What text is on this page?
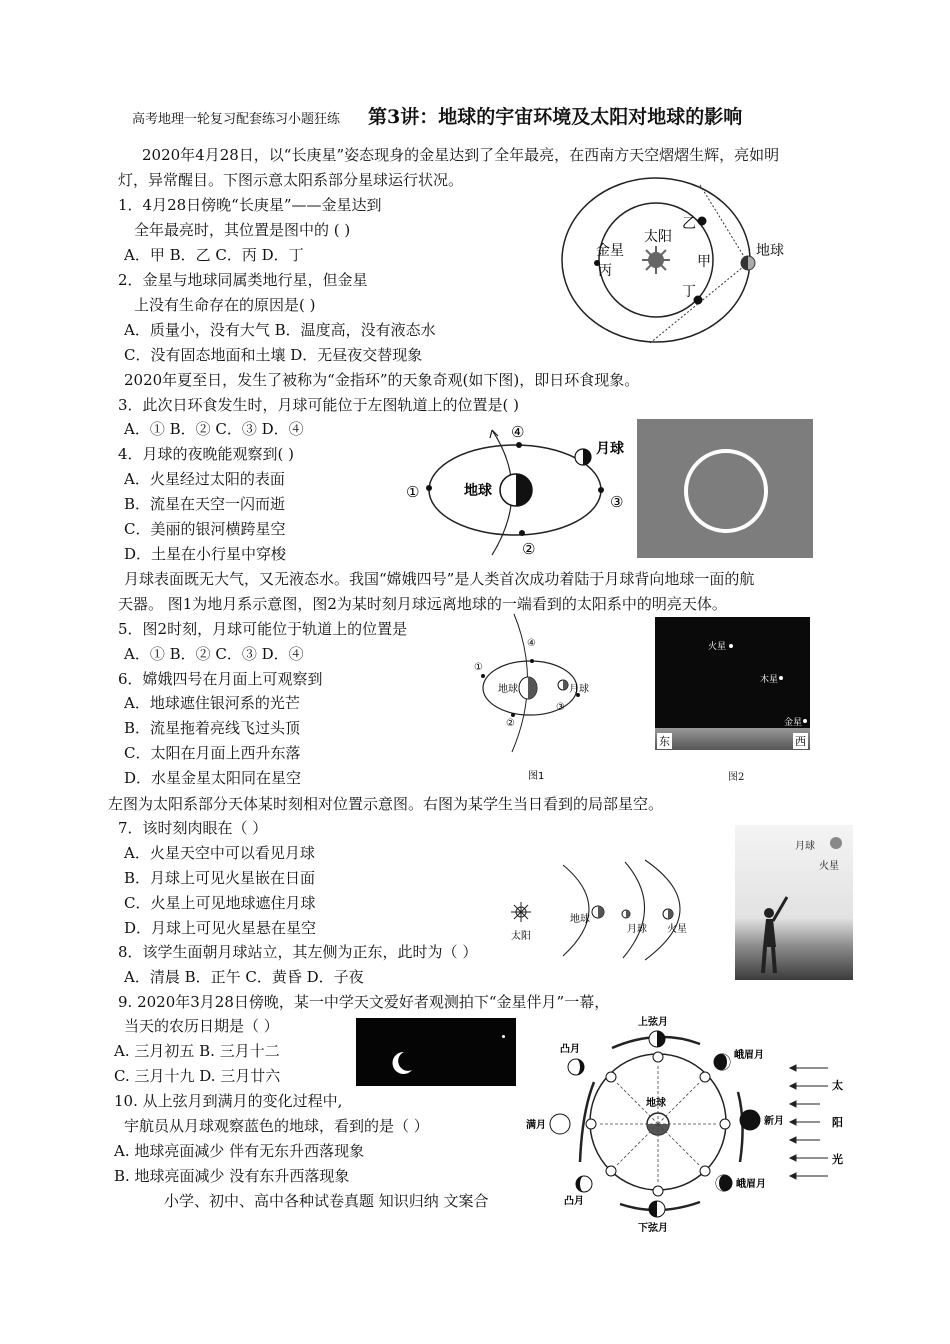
高考地理一轮复习配套练习小题狂练 第3讲：地球的宇宙环境及太阳对地球的影响
2020年4月28日，以“长庚星”姿态现身的金星达到了全年最亮，在西南方天空熠熠生辉，亮如明
灯，异常醒目。下图示意太阳系部分星球运行状况。
1．4月28日傍晚“长庚星”——金星达到
全年最亮时，其位置是图中的 ( )
A．甲 B．乙 C．丙 D．丁
2．金星与地球同属类地行星，但金星
上没有生命存在的原因是( )
A．质量小，没有大气 B．温度高，没有液态水
C．没有固态地面和土壤 D．无昼夜交替现象
金星
丙
太阳
乙
甲
丁
地球
2020年夏至日，发生了被称为“金指环”的天象奇观(如下图)，即日环食现象。
3．此次日环食发生时，月球可能位于左图轨道上的位置是( )
A．① B．② C．③ D．④
4．月球的夜晚能观察到( )
A．火星经过太阳的表面
B．流星在天空一闪而逝
C．美丽的银河横跨星空
D．土星在小行星中穿梭
地球
月球
①
②
③
④
月球表面既无大气，又无液态水。我国“嫦娥四号”是人类首次成功着陆于月球背向地球一面的航
天器。 图1为地月系示意图，图2为某时刻月球远离地球的一端看到的太阳系中的明亮天体。
5．图2时刻，月球可能位于轨道上的位置是
A．① B．② C．③ D．④
6．嫦娥四号在月面上可观察到
A．地球遮住银河系的光芒
B．流星拖着亮线飞过头顶
C．太阳在月面上西升东落
D．水星金星太阳同在星空
地球	月球
①
②
③
④
图1
火星
木星
金星
东	西
图2
左图为太阳系部分天体某时刻相对位置示意图。右图为某学生当日看到的局部星空。
7．该时刻肉眼在（ ）
A．火星天空中可以看见月球
B．月球上可见火星嵌在日面
C．火星上可见地球遮住月球
D．月球上可见火星悬在星空	太阳
地球
月球 火星
月球
火星
8．该学生面朝月球站立，其左侧为正东，此时为（ ）
A．清晨 B．正午 C．黄昏 D．子夜
9. 2020年3月28日傍晚，某一中学天文爱好者观测拍下“金星伴月”一幕，
当天的农历日期是（ ）
A. 三月初五 B. 三月十二
C. 三月十九 D. 三月廿六
10. 从上弦月到满月的变化过程中,
宇航员从月球观察蓝色的地球，看到的是（ ）
A. 地球亮面减少 伴有无东升西落现象
B. 地球亮面减少 没有东升西落现象
上弦月
下弦月
满月	新月
凸月
凸月
峨眉月
峨眉月
地球
太
阳
光
小学、初中、高中各种试卷真题 知识归纳 文案合
